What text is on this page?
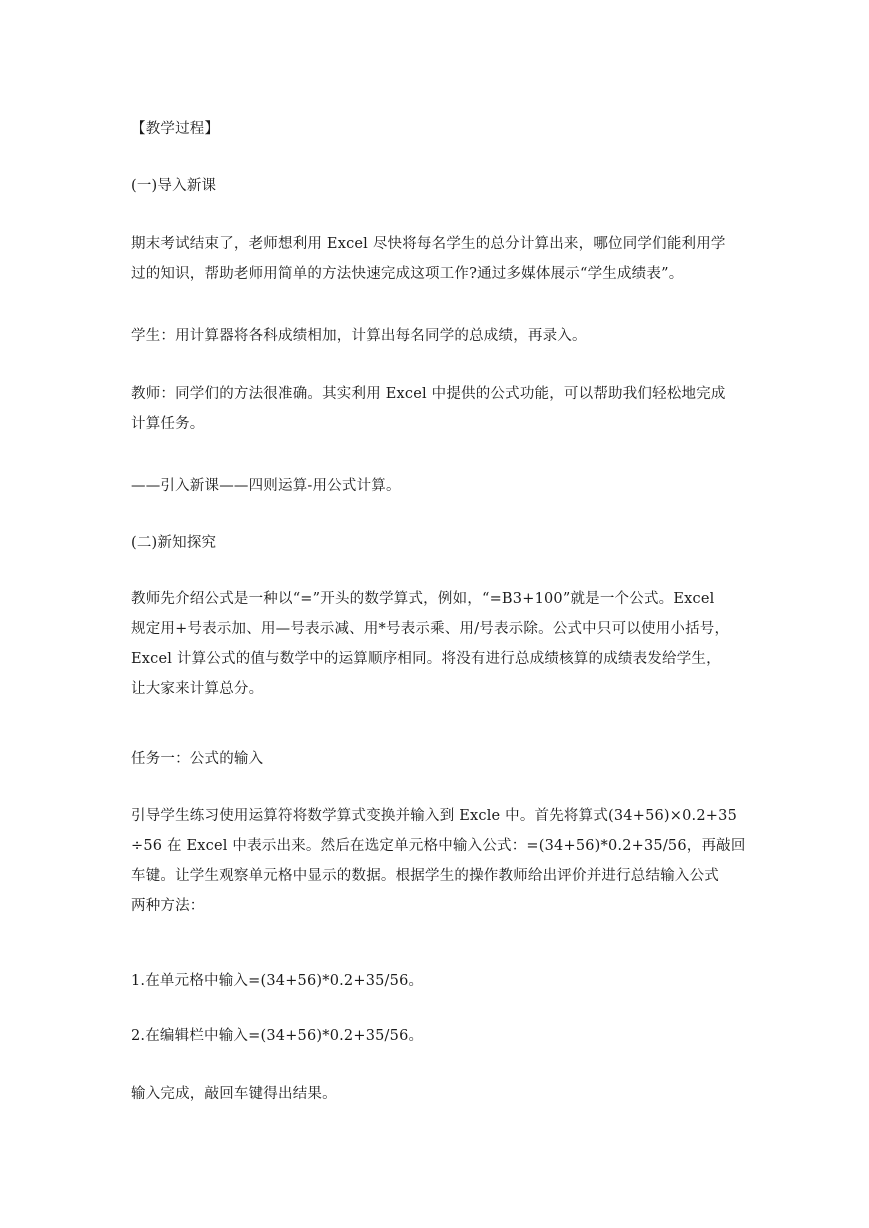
【教学过程】
(一)导入新课
期末考试结束了，老师想利用 Excel 尽快将每名学生的总分计算出来，哪位同学们能利用学
过的知识，帮助老师用简单的方法快速完成这项工作?通过多媒体展示“学生成绩表”。
学生：用计算器将各科成绩相加，计算出每名同学的总成绩，再录入。
教师：同学们的方法很准确。其实利用 Excel 中提供的公式功能，可以帮助我们轻松地完成
计算任务。
——引入新课——四则运算-用公式计算。
(二)新知探究
教师先介绍公式是一种以“=”开头的数学算式，例如，“=B3+100”就是一个公式。Excel
规定用+号表示加、用—号表示减、用*号表示乘、用/号表示除。公式中只可以使用小括号，
Excel 计算公式的值与数学中的运算顺序相同。将没有进行总成绩核算的成绩表发给学生，
让大家来计算总分。
任务一：公式的输入
引导学生练习使用运算符将数学算式变换并输入到 Excle 中。首先将算式(34+56)×0.2+35
÷56 在 Excel 中表示出来。然后在选定单元格中输入公式：=(34+56)*0.2+35/56，再敲回
车键。让学生观察单元格中显示的数据。根据学生的操作教师给出评价并进行总结输入公式
两种方法：
1.在单元格中输入=(34+56)*0.2+35/56。
2.在编辑栏中输入=(34+56)*0.2+35/56。
输入完成，敲回车键得出结果。
